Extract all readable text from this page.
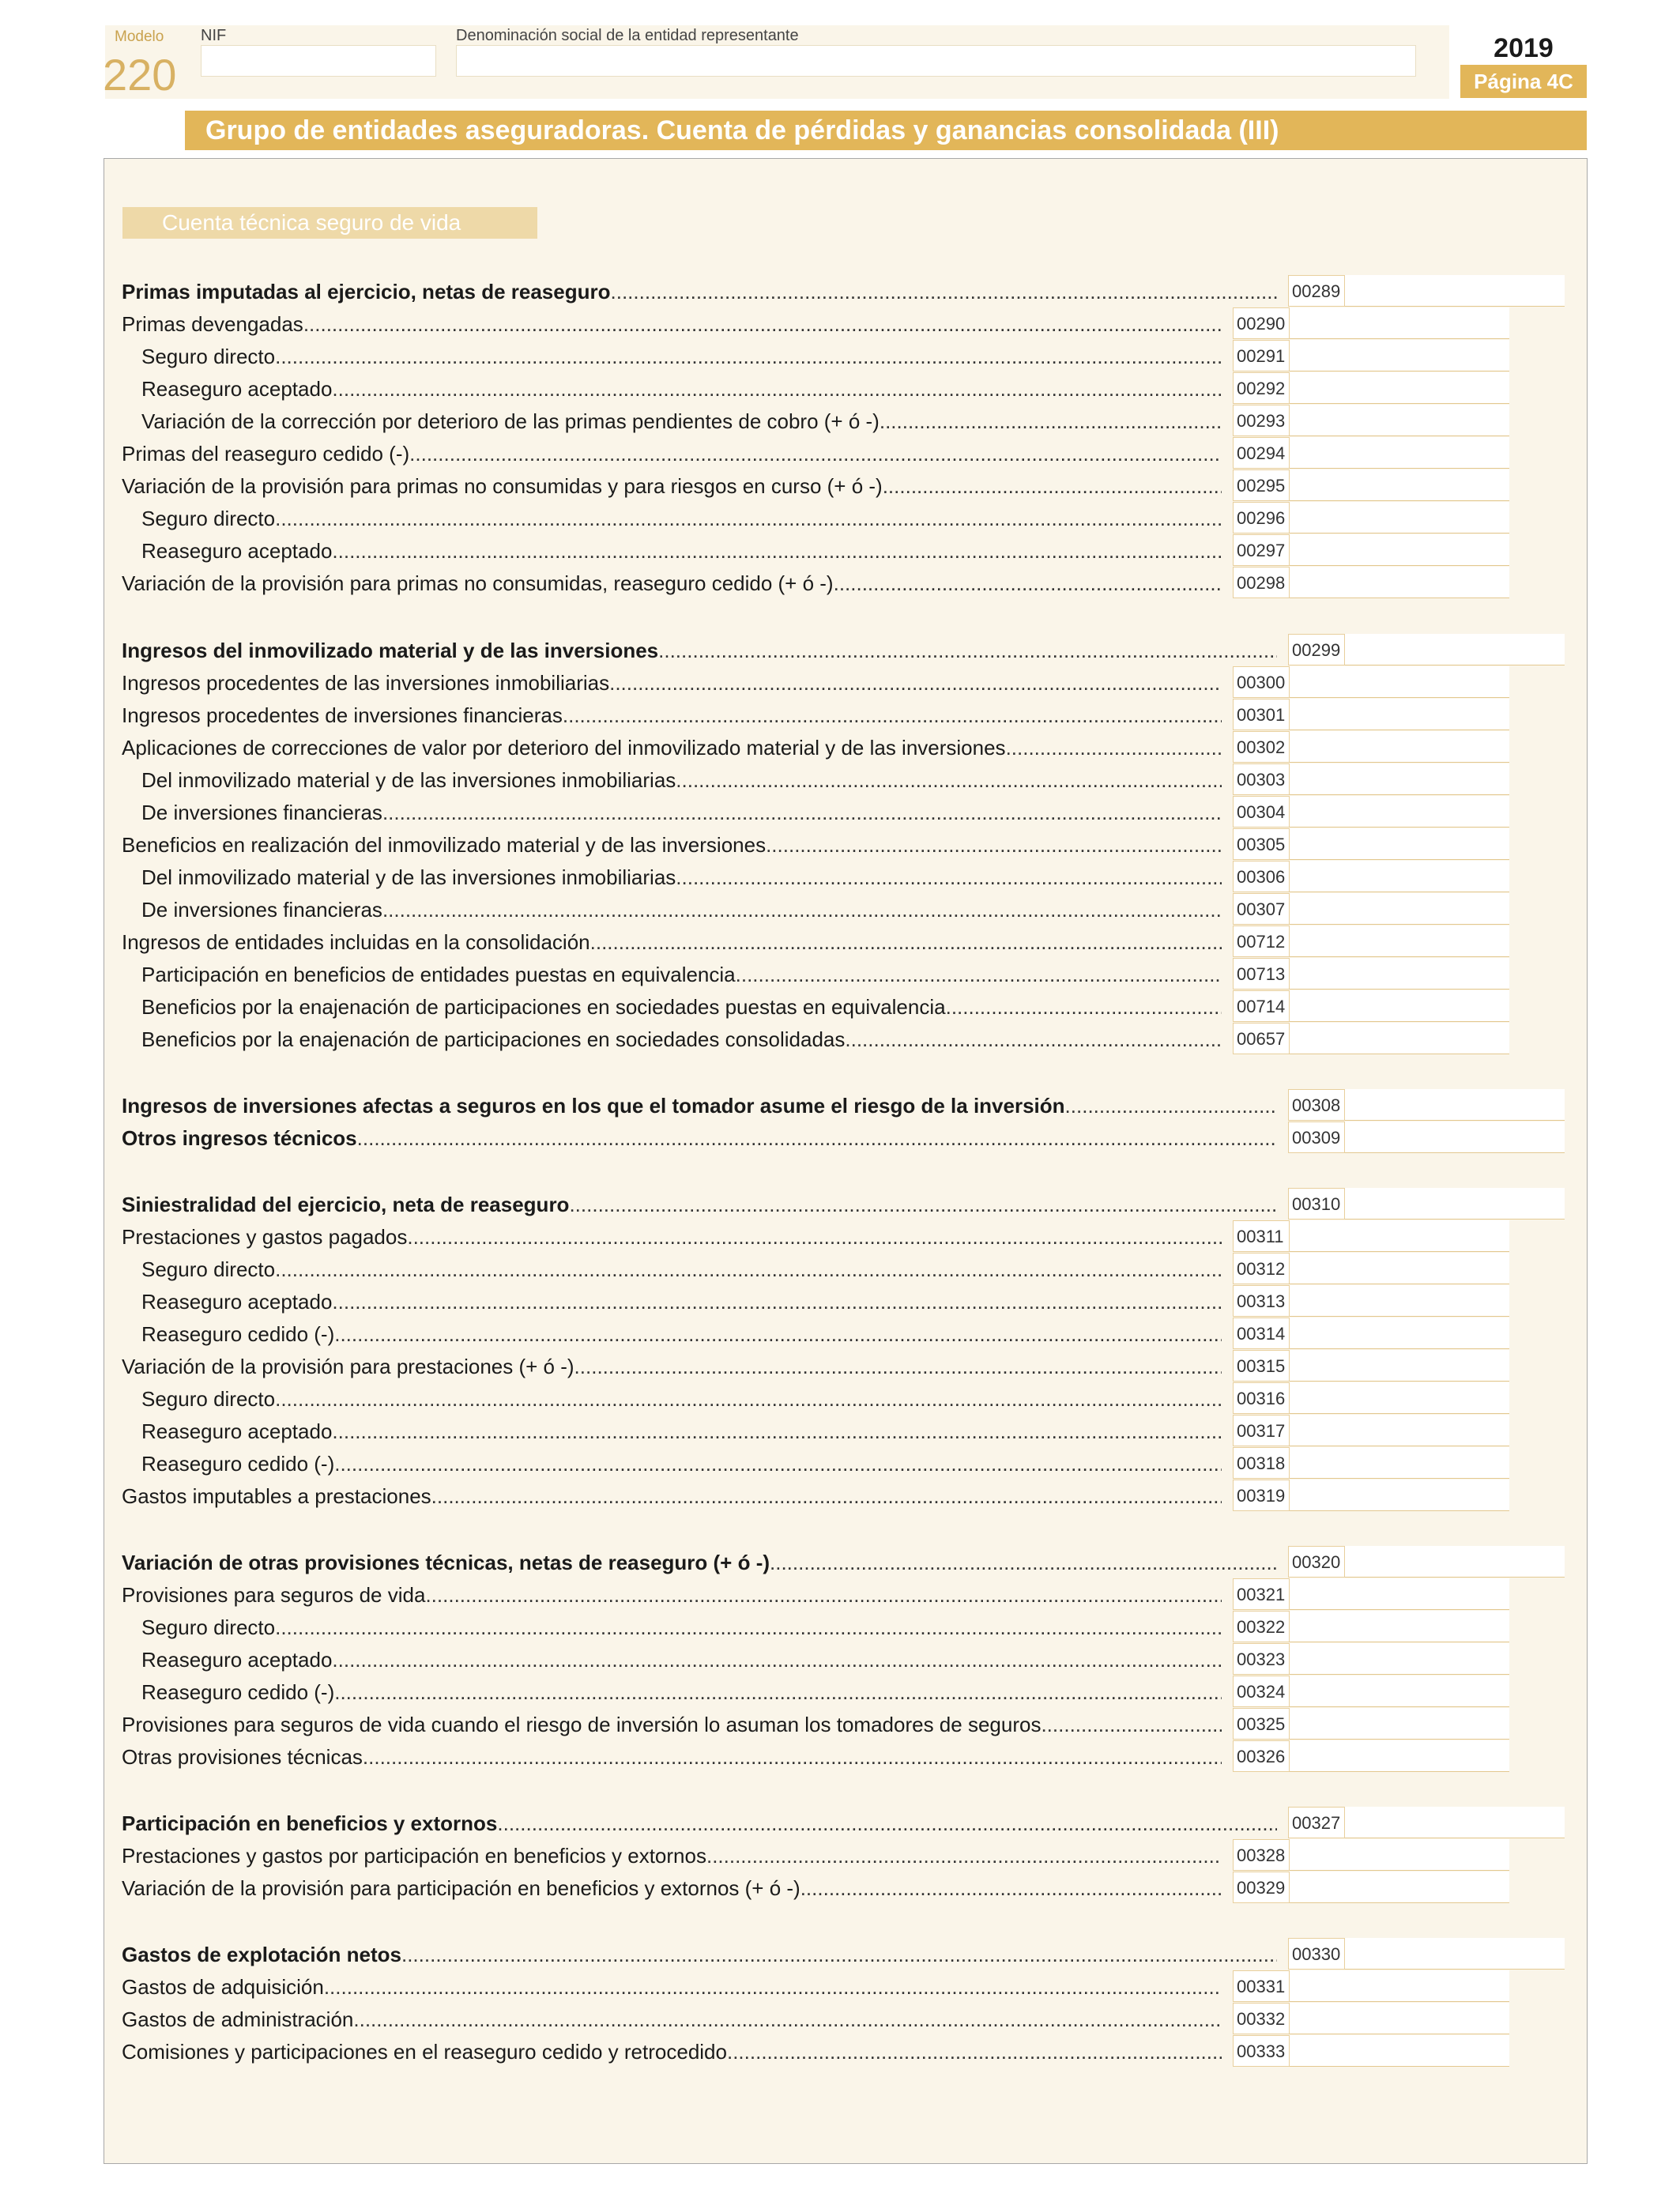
Modelo
220
NIF	Denominación social de la entidad representante	2019
Página 4C
Grupo de entidades aseguradoras. Cuenta de pérdidas y ganancias consolidada (III)
Cuenta técnica seguro de vida
Primas imputadas al ejercicio, netas de reaseguro .....	00289
Primas devengadas .....	00290
Seguro directo .....	00291
Reaseguro aceptado .....	00292
Variación de la corrección por deterioro de las primas pendientes de cobro (+ ó -) .....	00293
Primas del reaseguro cedido (-) .....	00294
Variación de la provisión para primas no consumidas y para riesgos en curso (+ ó -) .....	00295
Seguro directo .....	00296
Reaseguro aceptado .....	00297
Variación de la provisión para primas no consumidas, reaseguro cedido (+ ó -) .....	00298
Ingresos del inmovilizado material y de las inversiones .....	00299
Ingresos procedentes de las inversiones inmobiliarias .....	00300
Ingresos procedentes de inversiones financieras .....	00301
Aplicaciones de correcciones de valor por deterioro del inmovilizado material y de las inversiones .....	00302
Del inmovilizado material y de las inversiones inmobiliarias .....	00303
De inversiones financieras .....	00304
Beneficios en realización del inmovilizado material y de las inversiones .....	00305
Del inmovilizado material y de las inversiones inmobiliarias .....	00306
De inversiones financieras .....	00307
Ingresos de entidades incluidas en la consolidación .....	00712
Participación en beneficios de entidades puestas en equivalencia .....	00713
Beneficios por la enajenación de participaciones en sociedades puestas en equivalencia .....	00714
Beneficios por la enajenación de participaciones en sociedades consolidadas .....	00657
Ingresos de inversiones afectas a seguros en los que el tomador asume el riesgo de la inversión .....	00308
Otros ingresos técnicos .....	00309
Siniestralidad del ejercicio, neta de reaseguro .....	00310
Prestaciones y gastos pagados .....	00311
Seguro directo .....	00312
Reaseguro aceptado .....	00313
Reaseguro cedido (-) .....	00314
Variación de la provisión para prestaciones (+ ó -) .....	00315
Seguro directo .....	00316
Reaseguro aceptado .....	00317
Reaseguro cedido (-) .....	00318
Gastos imputables a prestaciones .....	00319
Variación de otras provisiones técnicas, netas de reaseguro (+ ó -) .....	00320
Provisiones para seguros de vida .....	00321
Seguro directo .....	00322
Reaseguro aceptado .....	00323
Reaseguro cedido (-) .....	00324
Provisiones para seguros de vida cuando el riesgo de inversión lo asuman los tomadores de seguros .....	00325
Otras provisiones técnicas .....	00326
Participación en beneficios y extornos .....	00327
Prestaciones y gastos por participación en beneficios y extornos .....	00328
Variación de la provisión para participación en beneficios y extornos (+ ó -) .....	00329
Gastos de explotación netos .....	00330
Gastos de adquisición .....	00331
Gastos de administración .....	00332
Comisiones y participaciones en el reaseguro cedido y retrocedido .....	00333
